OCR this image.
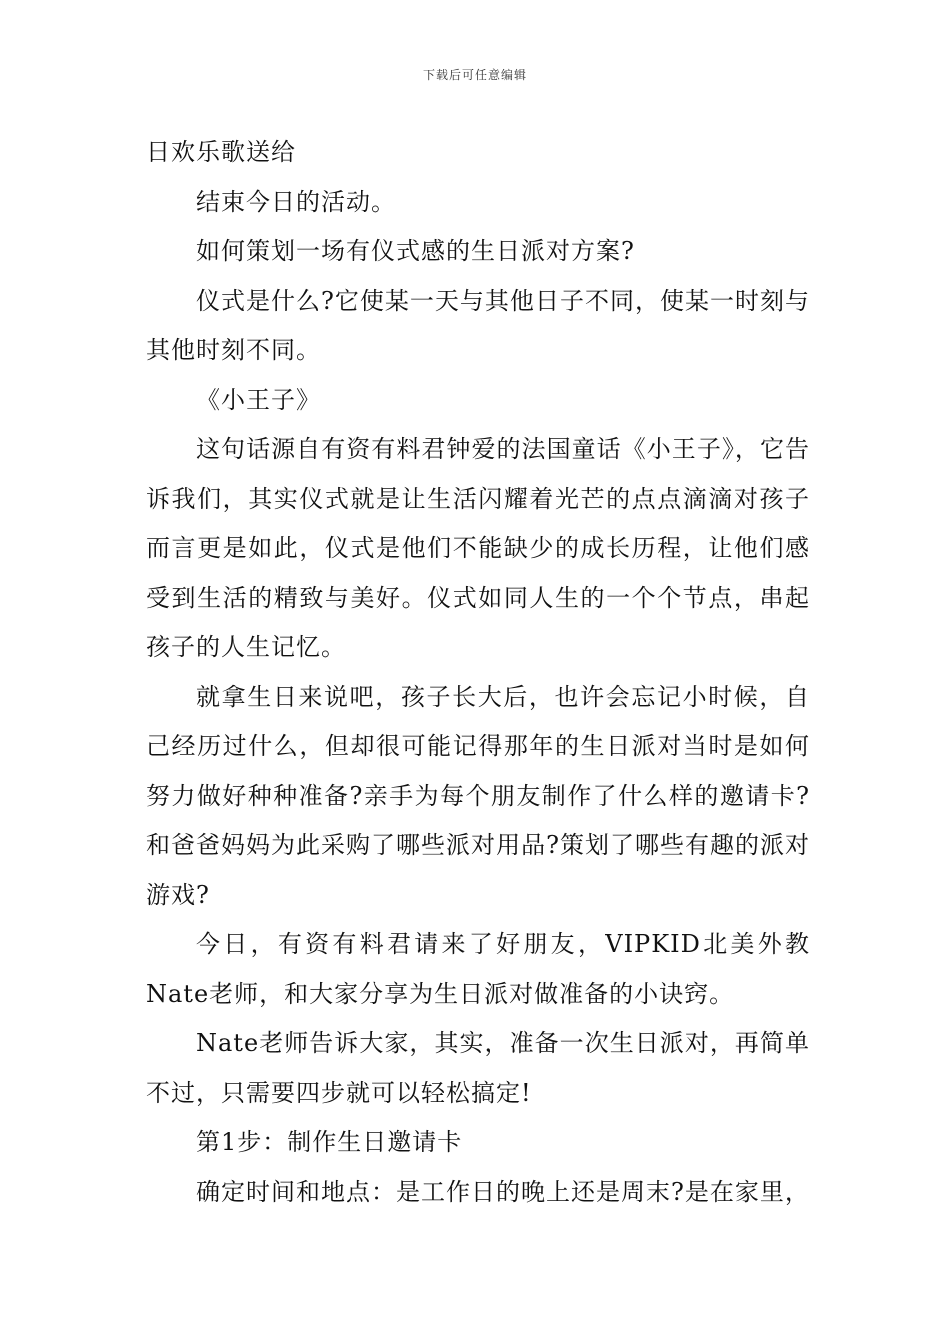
下载后可任意编辑

日欢乐歌送给

结束今日的活动。

如何策划一场有仪式感的生日派对方案?

仪式是什么?它使某一天与其他日子不同，使某一时刻与其他时刻不同。

《小王子》

这句话源自有资有料君钟爱的法国童话《小王子》，它告诉我们，其实仪式就是让生活闪耀着光芒的点点滴滴对孩子而言更是如此，仪式是他们不能缺少的成长历程，让他们感受到生活的精致与美好。仪式如同人生的一个个节点，串起孩子的人生记忆。

就拿生日来说吧，孩子长大后，也许会忘记小时候，自己经历过什么，但却很可能记得那年的生日派对当时是如何努力做好种种准备?亲手为每个朋友制作了什么样的邀请卡?和爸爸妈妈为此采购了哪些派对用品?策划了哪些有趣的派对游戏?

今日，有资有料君请来了好朋友，VIPKID北美外教Nate老师，和大家分享为生日派对做准备的小诀窍。

Nate老师告诉大家，其实，准备一次生日派对，再简单不过，只需要四步就可以轻松搞定!

第1步：制作生日邀请卡

确定时间和地点：是工作日的晚上还是周末?是在家里，
